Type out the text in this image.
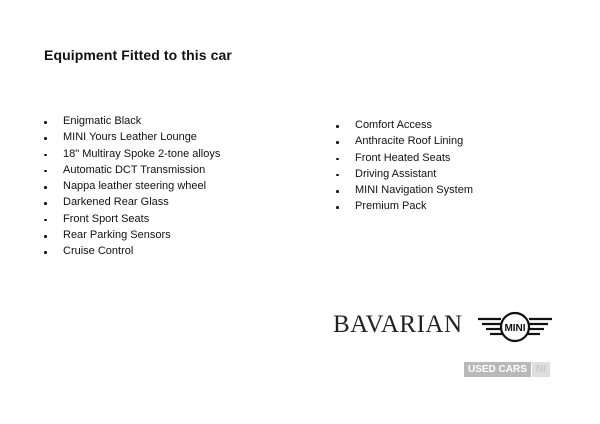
Equipment Fitted to this car
Enigmatic Black
MINI Yours Leather Lounge
18" Multiray Spoke 2-tone alloys
Automatic DCT Transmission
Nappa leather steering wheel
Darkened Rear Glass
Front Sport Seats
Rear Parking Sensors
Cruise Control
Comfort Access
Anthracite Roof Lining
Front Heated Seats
Driving Assistant
MINI Navigation System
Premium Pack
BAVARIAN	MINI
USED CARS NI
